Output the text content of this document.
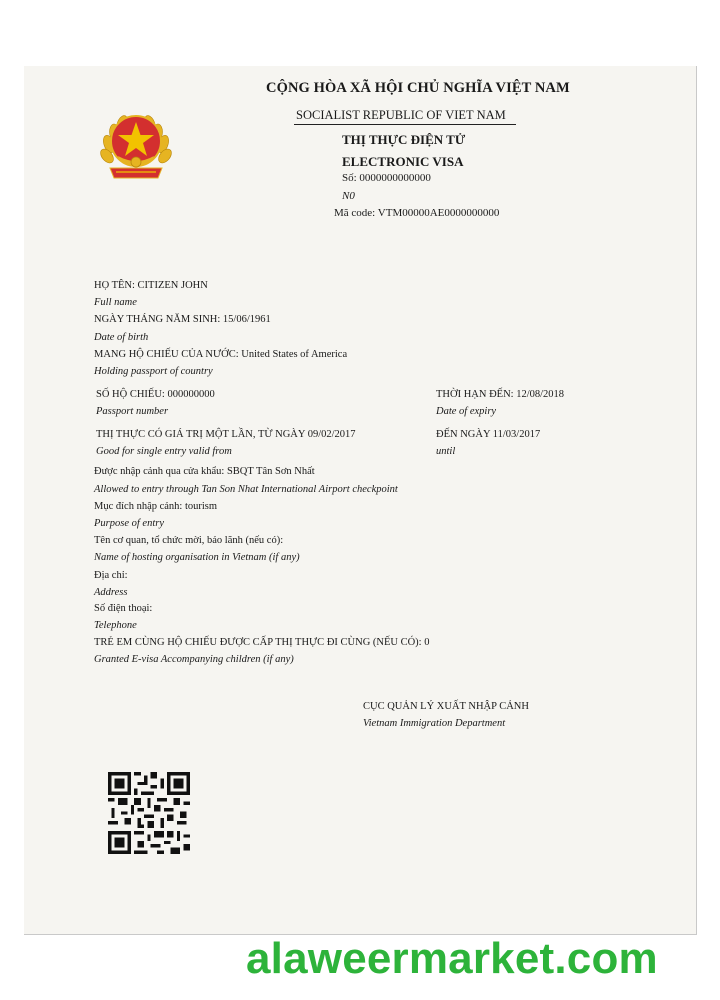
CỘNG HÒA XÃ HỘI CHỦ NGHĨA VIỆT NAM
SOCIALIST REPUBLIC OF VIET NAM
THỊ THỰC ĐIỆN TỬ
ELECTRONIC VISA
Số: 0000000000000
N0
Mã code: VTM00000AE0000000000
HỌ TÊN: CITIZEN JOHN
Full name
NGÀY THÁNG NĂM SINH: 15/06/1961
Date of birth
MANG HỘ CHIẾU CỦA NƯỚC: United States of America
Holding passport of country
SỐ HỘ CHIẾU: 000000000
Passport number
THỜI HẠN ĐẾN: 12/08/2018
Date of expiry
THỊ THỰC CÓ GIÁ TRỊ MỘT LẦN, TỪ NGÀY 09/02/2017
Good for single entry valid from
ĐẾN NGÀY 11/03/2017
until
Được nhập cảnh qua cửa khẩu: SBQT Tân Sơn Nhất
Allowed to entry through Tan Son Nhat International Airport checkpoint
Mục đích nhập cảnh: tourism
Purpose of entry
Tên cơ quan, tổ chức mời, bảo lãnh (nếu có):
Name of hosting organisation in Vietnam (if any)
Địa chỉ:
Address
Số điện thoại:
Telephone
TRẺ EM CÙNG HỘ CHIẾU ĐƯỢC CẤP THỊ THỰC ĐI CÙNG (NẾU CÓ): 0
Granted E-visa Accompanying children (if any)
CỤC QUẢN LÝ XUẤT NHẬP CẢNH
Vietnam Immigration Department
alaweermarket.com
